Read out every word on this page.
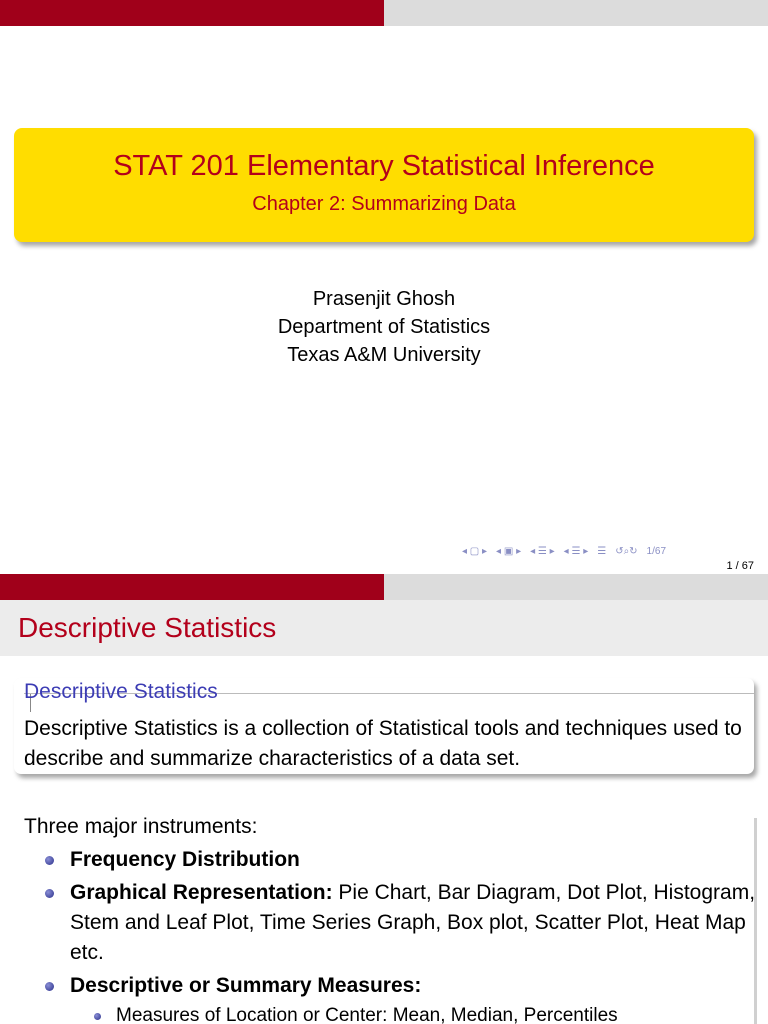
STAT 201 Elementary Statistical Inference
Chapter 2: Summarizing Data
Prasenjit Ghosh
Department of Statistics
Texas A&M University
◂ ▢ ▸ ◂ ▣ ▸ ◂ ☰ ▸ ◂ ☰ ▸ ☰ ↺⌕↻ 1/67
1 / 67
Descriptive Statistics
Descriptive Statistics
Descriptive Statistics is a collection of Statistical tools and techniques used to describe and summarize characteristics of a data set.

Three major instruments:

Frequency Distribution
Graphical Representation: Pie Chart, Bar Diagram, Dot Plot, Histogram, Stem and Leaf Plot, Time Series Graph, Box plot, Scatter Plot, Heat Map etc.
Descriptive or Summary Measures:
Measures of Location or Center: Mean, Median, Percentiles
